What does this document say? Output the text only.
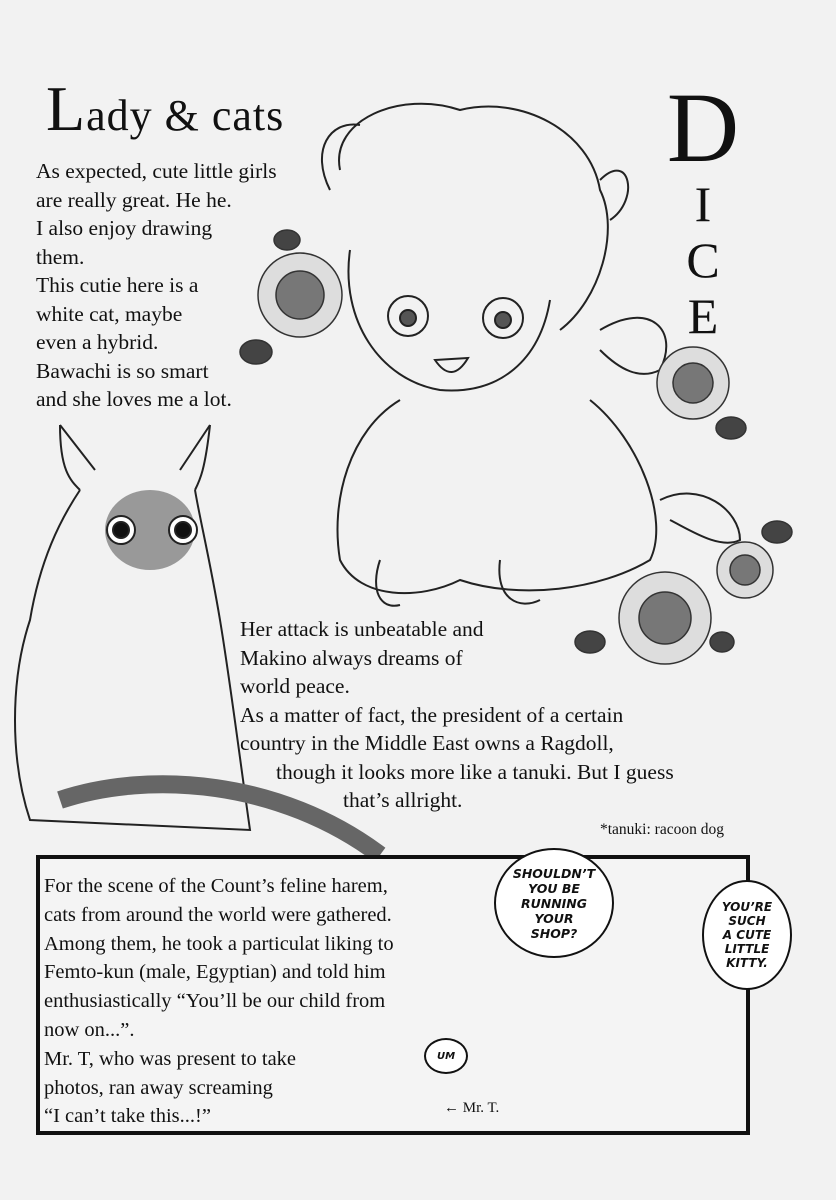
Lady & cats	D
I
C
E
As expected, cute little girls
are really great. He he.
I also enjoy drawing
them.
This cutie here is a
white cat, maybe
even a hybrid.
Bawachi is so smart
and she loves me a lot.
Her attack is unbeatable and
Makino always dreams of
world peace.
As a matter of fact, the president of a certain
country in the Middle East owns a Ragdoll,
though it looks more like a tanuki. But I guess
that’s allright.
*tanuki: racoon dog
For the scene of the Count’s feline harem,
cats from around the world were gathered.
Among them, he took a particulat liking to
Femto-kun (male, Egyptian) and told him
enthusiastically “You’ll be our child from
now on...”.
Mr. T, who was present to take
photos, ran away screaming
“I can’t take this...!”
SHOULDN’T
YOU BE
RUNNING
YOUR
SHOP?
YOU’RE
SUCH
A CUTE
LITTLE
KITTY.
UM
← Mr. T.
